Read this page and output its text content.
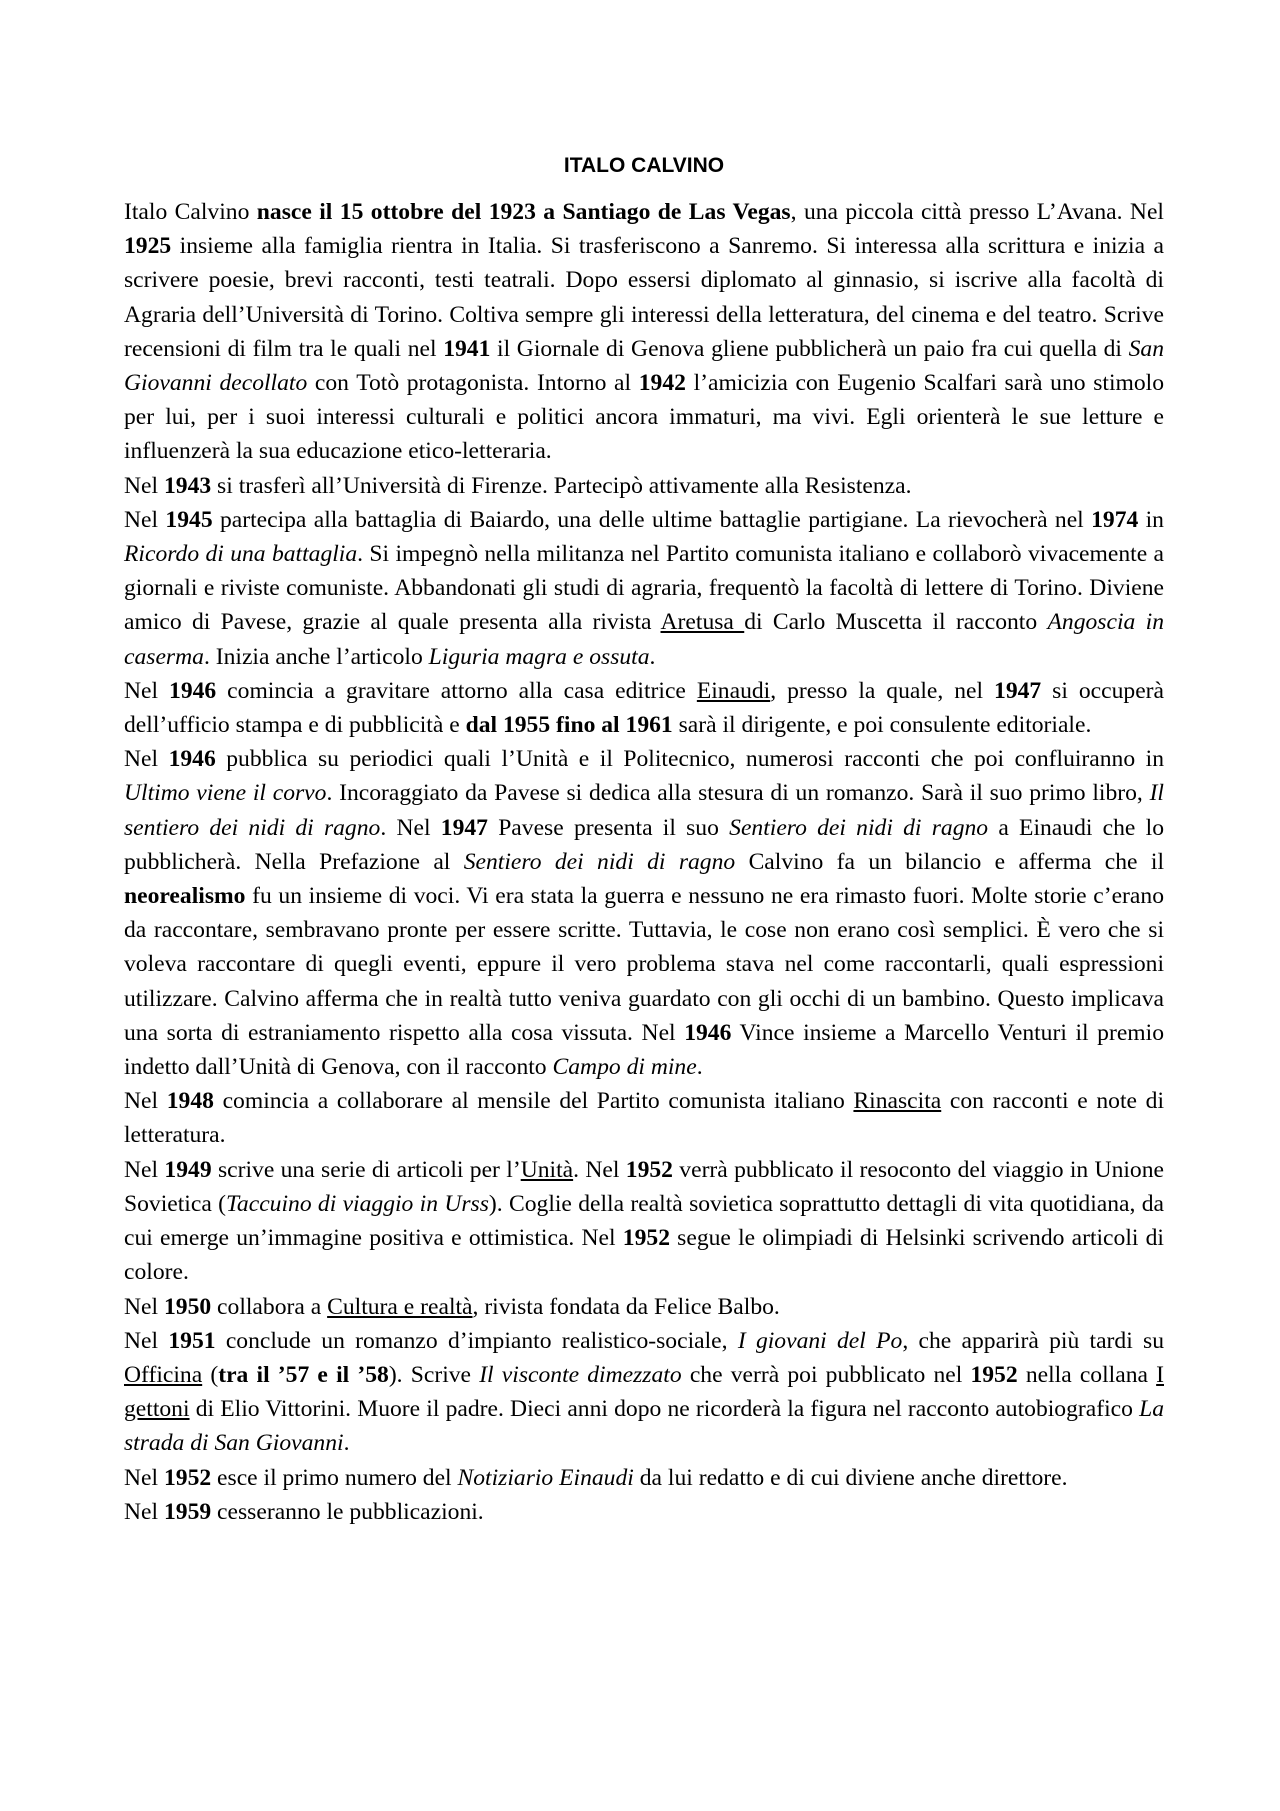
ITALO CALVINO

Italo Calvino nasce il 15 ottobre del 1923 a Santiago de Las Vegas, una piccola città presso L’Avana. Nel 1925 insieme alla famiglia rientra in Italia. Si trasferiscono a Sanremo. Si interessa alla scrittura e inizia a scrivere poesie, brevi racconti, testi teatrali. Dopo essersi diplomato al ginnasio, si iscrive alla facoltà di Agraria dell’Università di Torino. Coltiva sempre gli interessi della letteratura, del cinema e del teatro. Scrive recensioni di film tra le quali nel 1941 il Giornale di Genova gliene pubblicherà un paio fra cui quella di San Giovanni decollato con Totò protagonista. Intorno al 1942 l’amicizia con Eugenio Scalfari sarà uno stimolo per lui, per i suoi interessi culturali e politici ancora immaturi, ma vivi. Egli orienterà le sue letture e influenzerà la sua educazione etico-letteraria.

Nel 1943 si trasferì all’Università di Firenze. Partecipò attivamente alla Resistenza.

Nel 1945 partecipa alla battaglia di Baiardo, una delle ultime battaglie partigiane. La rievocherà nel 1974 in Ricordo di una battaglia. Si impegnò nella militanza nel Partito comunista italiano e collaborò vivacemente a giornali e riviste comuniste. Abbandonati gli studi di agraria, frequentò la facoltà di lettere di Torino. Diviene amico di Pavese, grazie al quale presenta alla rivista Aretusa di Carlo Muscetta il racconto Angoscia in caserma. Inizia anche l’articolo Liguria magra e ossuta.

Nel 1946 comincia a gravitare attorno alla casa editrice Einaudi, presso la quale, nel 1947 si occuperà dell’ufficio stampa e di pubblicità e dal 1955 fino al 1961 sarà il dirigente, e poi consulente editoriale.

Nel 1946 pubblica su periodici quali l’Unità e il Politecnico, numerosi racconti che poi confluiranno in Ultimo viene il corvo. Incoraggiato da Pavese si dedica alla stesura di un romanzo. Sarà il suo primo libro, Il sentiero dei nidi di ragno. Nel 1947 Pavese presenta il suo Sentiero dei nidi di ragno a Einaudi che lo pubblicherà. Nella Prefazione al Sentiero dei nidi di ragno Calvino fa un bilancio e afferma che il neorealismo fu un insieme di voci. Vi era stata la guerra e nessuno ne era rimasto fuori. Molte storie c’erano da raccontare, sembravano pronte per essere scritte. Tuttavia, le cose non erano così semplici. È vero che si voleva raccontare di quegli eventi, eppure il vero problema stava nel come raccontarli, quali espressioni utilizzare. Calvino afferma che in realtà tutto veniva guardato con gli occhi di un bambino. Questo implicava una sorta di estraniamento rispetto alla cosa vissuta. Nel 1946 Vince insieme a Marcello Venturi il premio indetto dall’Unità di Genova, con il racconto Campo di mine.

Nel 1948 comincia a collaborare al mensile del Partito comunista italiano Rinascita con racconti e note di letteratura.

Nel 1949 scrive una serie di articoli per l’Unità. Nel 1952 verrà pubblicato il resoconto del viaggio in Unione Sovietica (Taccuino di viaggio in Urss). Coglie della realtà sovietica soprattutto dettagli di vita quotidiana, da cui emerge un’immagine positiva e ottimistica. Nel 1952 segue le olimpiadi di Helsinki scrivendo articoli di colore.

Nel 1950 collabora a Cultura e realtà, rivista fondata da Felice Balbo.

Nel 1951 conclude un romanzo d’impianto realistico-sociale, I giovani del Po, che apparirà più tardi su Officina (tra il ’57 e il ’58). Scrive Il visconte dimezzato che verrà poi pubblicato nel 1952 nella collana I gettoni di Elio Vittorini. Muore il padre. Dieci anni dopo ne ricorderà la figura nel racconto autobiografico La strada di San Giovanni.

Nel 1952 esce il primo numero del Notiziario Einaudi da lui redatto e di cui diviene anche direttore.

Nel 1959 cesseranno le pubblicazioni.
